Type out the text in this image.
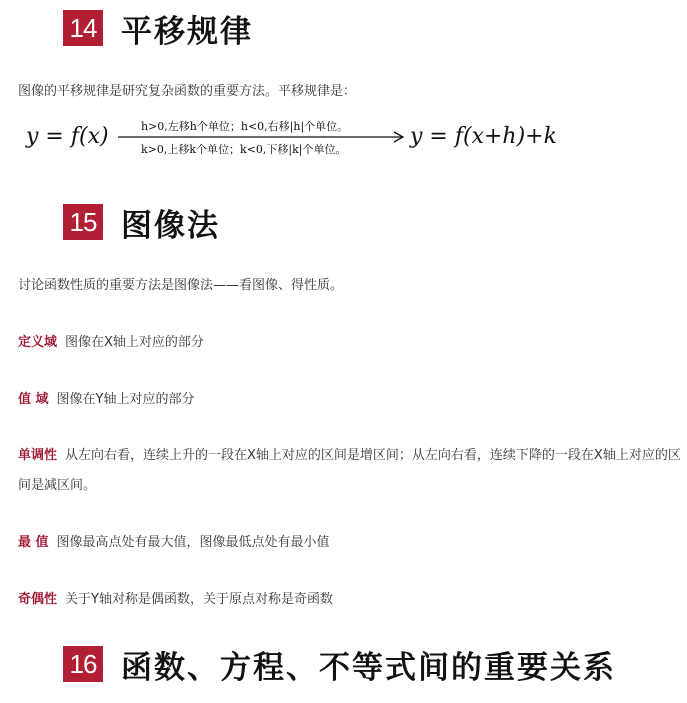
14 平移规律
图像的平移规律是研究复杂函数的重要方法。平移规律是：
y = f(x)	h>0,左移h个单位；h<0,右移|h|个单位。
k>0,上移k个单位；k<0,下移|k|个单位。
y = f(x+h)+k
15 图像法
讨论函数性质的重要方法是图像法——看图像、得性质。
定义域 图像在X轴上对应的部分
值 域 图像在Y轴上对应的部分
单调性 从左向右看，连续上升的一段在X轴上对应的区间是增区间；从左向右看，连续下降的一段在X轴上对应的区间是减区间。
最 值 图像最高点处有最大值，图像最低点处有最小值
奇偶性 关于Y轴对称是偶函数，关于原点对称是奇函数
16 函数、方程、不等式间的重要关系
